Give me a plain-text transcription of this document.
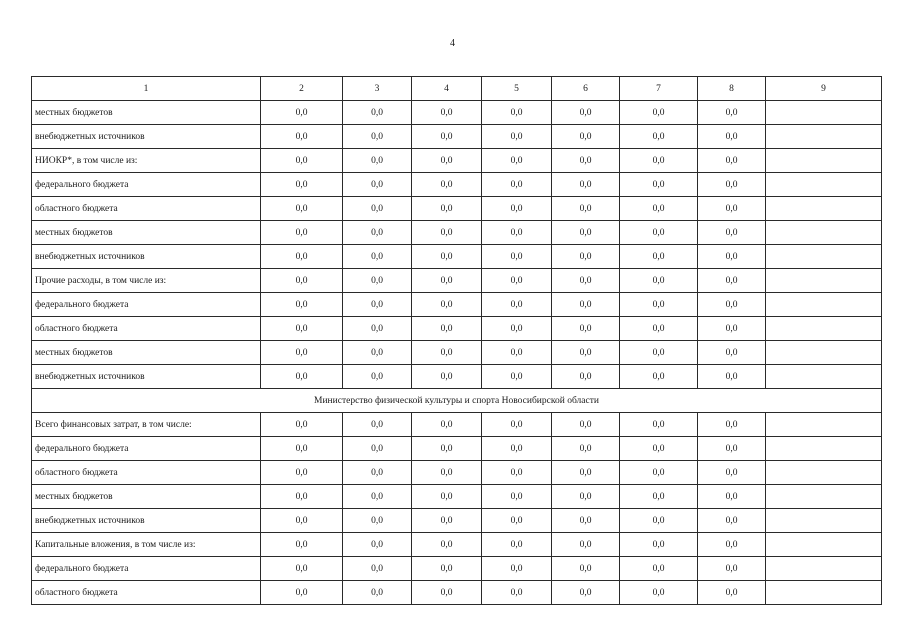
4
1	2	3	4	5	6	7	8	9
местных бюджетов	0,0	0,0	0,0	0,0	0,0	0,0	0,0	
внебюджетных источников	0,0	0,0	0,0	0,0	0,0	0,0	0,0	
НИОКР*, в том числе из:	0,0	0,0	0,0	0,0	0,0	0,0	0,0	
федерального бюджета	0,0	0,0	0,0	0,0	0,0	0,0	0,0	
областного бюджета	0,0	0,0	0,0	0,0	0,0	0,0	0,0	
местных бюджетов	0,0	0,0	0,0	0,0	0,0	0,0	0,0	
внебюджетных источников	0,0	0,0	0,0	0,0	0,0	0,0	0,0	
Прочие расходы, в том числе из:	0,0	0,0	0,0	0,0	0,0	0,0	0,0	
федерального бюджета	0,0	0,0	0,0	0,0	0,0	0,0	0,0	
областного бюджета	0,0	0,0	0,0	0,0	0,0	0,0	0,0	
местных бюджетов	0,0	0,0	0,0	0,0	0,0	0,0	0,0	
внебюджетных источников	0,0	0,0	0,0	0,0	0,0	0,0	0,0	
Министерство физической культуры и спорта Новосибирской области								
Всего финансовых затрат, в том числе:	0,0	0,0	0,0	0,0	0,0	0,0	0,0	
федерального бюджета	0,0	0,0	0,0	0,0	0,0	0,0	0,0	
областного бюджета	0,0	0,0	0,0	0,0	0,0	0,0	0,0	
местных бюджетов	0,0	0,0	0,0	0,0	0,0	0,0	0,0	
внебюджетных источников	0,0	0,0	0,0	0,0	0,0	0,0	0,0	
Капитальные вложения, в том числе из:	0,0	0,0	0,0	0,0	0,0	0,0	0,0	
федерального бюджета	0,0	0,0	0,0	0,0	0,0	0,0	0,0	
областного бюджета	0,0	0,0	0,0	0,0	0,0	0,0	0,0	
